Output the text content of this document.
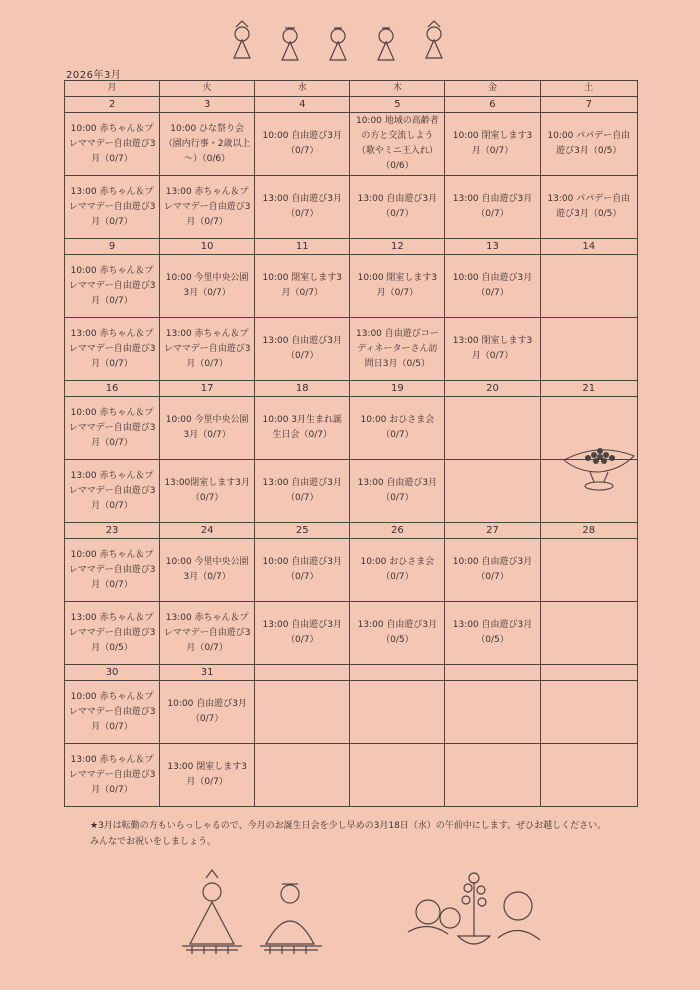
2026年3月
月	火	水	木	金	土
2	3	4	5	6	7
10:00 赤ちゃん＆プレママデー自由遊び3月（0/7）	10:00 ひな祭り会（園内行事・2歳以上～）（0/6）	10:00 自由遊び3月（0/7）	10:00 地域の高齢者の方と交流しよう（歌やミニ王入れ）（0/6）	10:00 閉室します3月（0/7）	10:00 パパデー自由遊び3月（0/5）
13:00 赤ちゃん＆プレママデー自由遊び3月（0/7）	13:00 赤ちゃん＆プレママデー自由遊び3月（0/7）	13:00 自由遊び3月（0/7）	13:00 自由遊び3月（0/7）	13:00 自由遊び3月（0/7）	13:00 パパデー自由遊び3月（0/5）
9	10	11	12	13	14
10:00 赤ちゃん＆プレママデー自由遊び3月（0/7）	10:00 今里中央公園3月（0/7）	10:00 閉室します3月（0/7）	10:00 閉室します3月（0/7）	10:00 自由遊び3月（0/7）	
13:00 赤ちゃん＆プレママデー自由遊び3月（0/7）	13:00 赤ちゃん＆プレママデー自由遊び3月（0/7）	13:00 自由遊び3月（0/7）	13:00 自由遊びコーディネーターさん訪問日3月（0/5）	13:00 閉室します3月（0/7）	
16	17	18	19	20	21
10:00 赤ちゃん＆プレママデー自由遊び3月（0/7）	10:00 今里中央公園3月（0/7）	10:00 3月生まれ誕生日会（0/7）	10:00 おひさま会（0/7）		
13:00 赤ちゃん＆プレママデー自由遊び3月（0/7）	13:00閉室します3月（0/7）	13:00 自由遊び3月（0/7）	13:00 自由遊び3月（0/7）		
23	24	25	26	27	28
10:00 赤ちゃん＆プレママデー自由遊び3月（0/7）	10:00 今里中央公園3月（0/7）	10:00 自由遊び3月（0/7）	10:00 おひさま会（0/7）	10:00 自由遊び3月（0/7）	
13:00 赤ちゃん＆プレママデー自由遊び3月（0/5）	13:00 赤ちゃん＆プレママデー自由遊び3月（0/7）	13:00 自由遊び3月（0/7）	13:00 自由遊び3月（0/5）	13:00 自由遊び3月（0/5）	
30	31				
10:00 赤ちゃん＆プレママデー自由遊び3月（0/7）	10:00 自由遊び3月（0/7）				
13:00 赤ちゃん＆プレママデー自由遊び3月（0/7）	13:00 閉室します3月（0/7）				
★3月は転勤の方もいらっしゃるので、今月のお誕生日会を少し早めの3月18日（水）の午前中にします。ぜひお越しください。みんなでお祝いをしましょう。
